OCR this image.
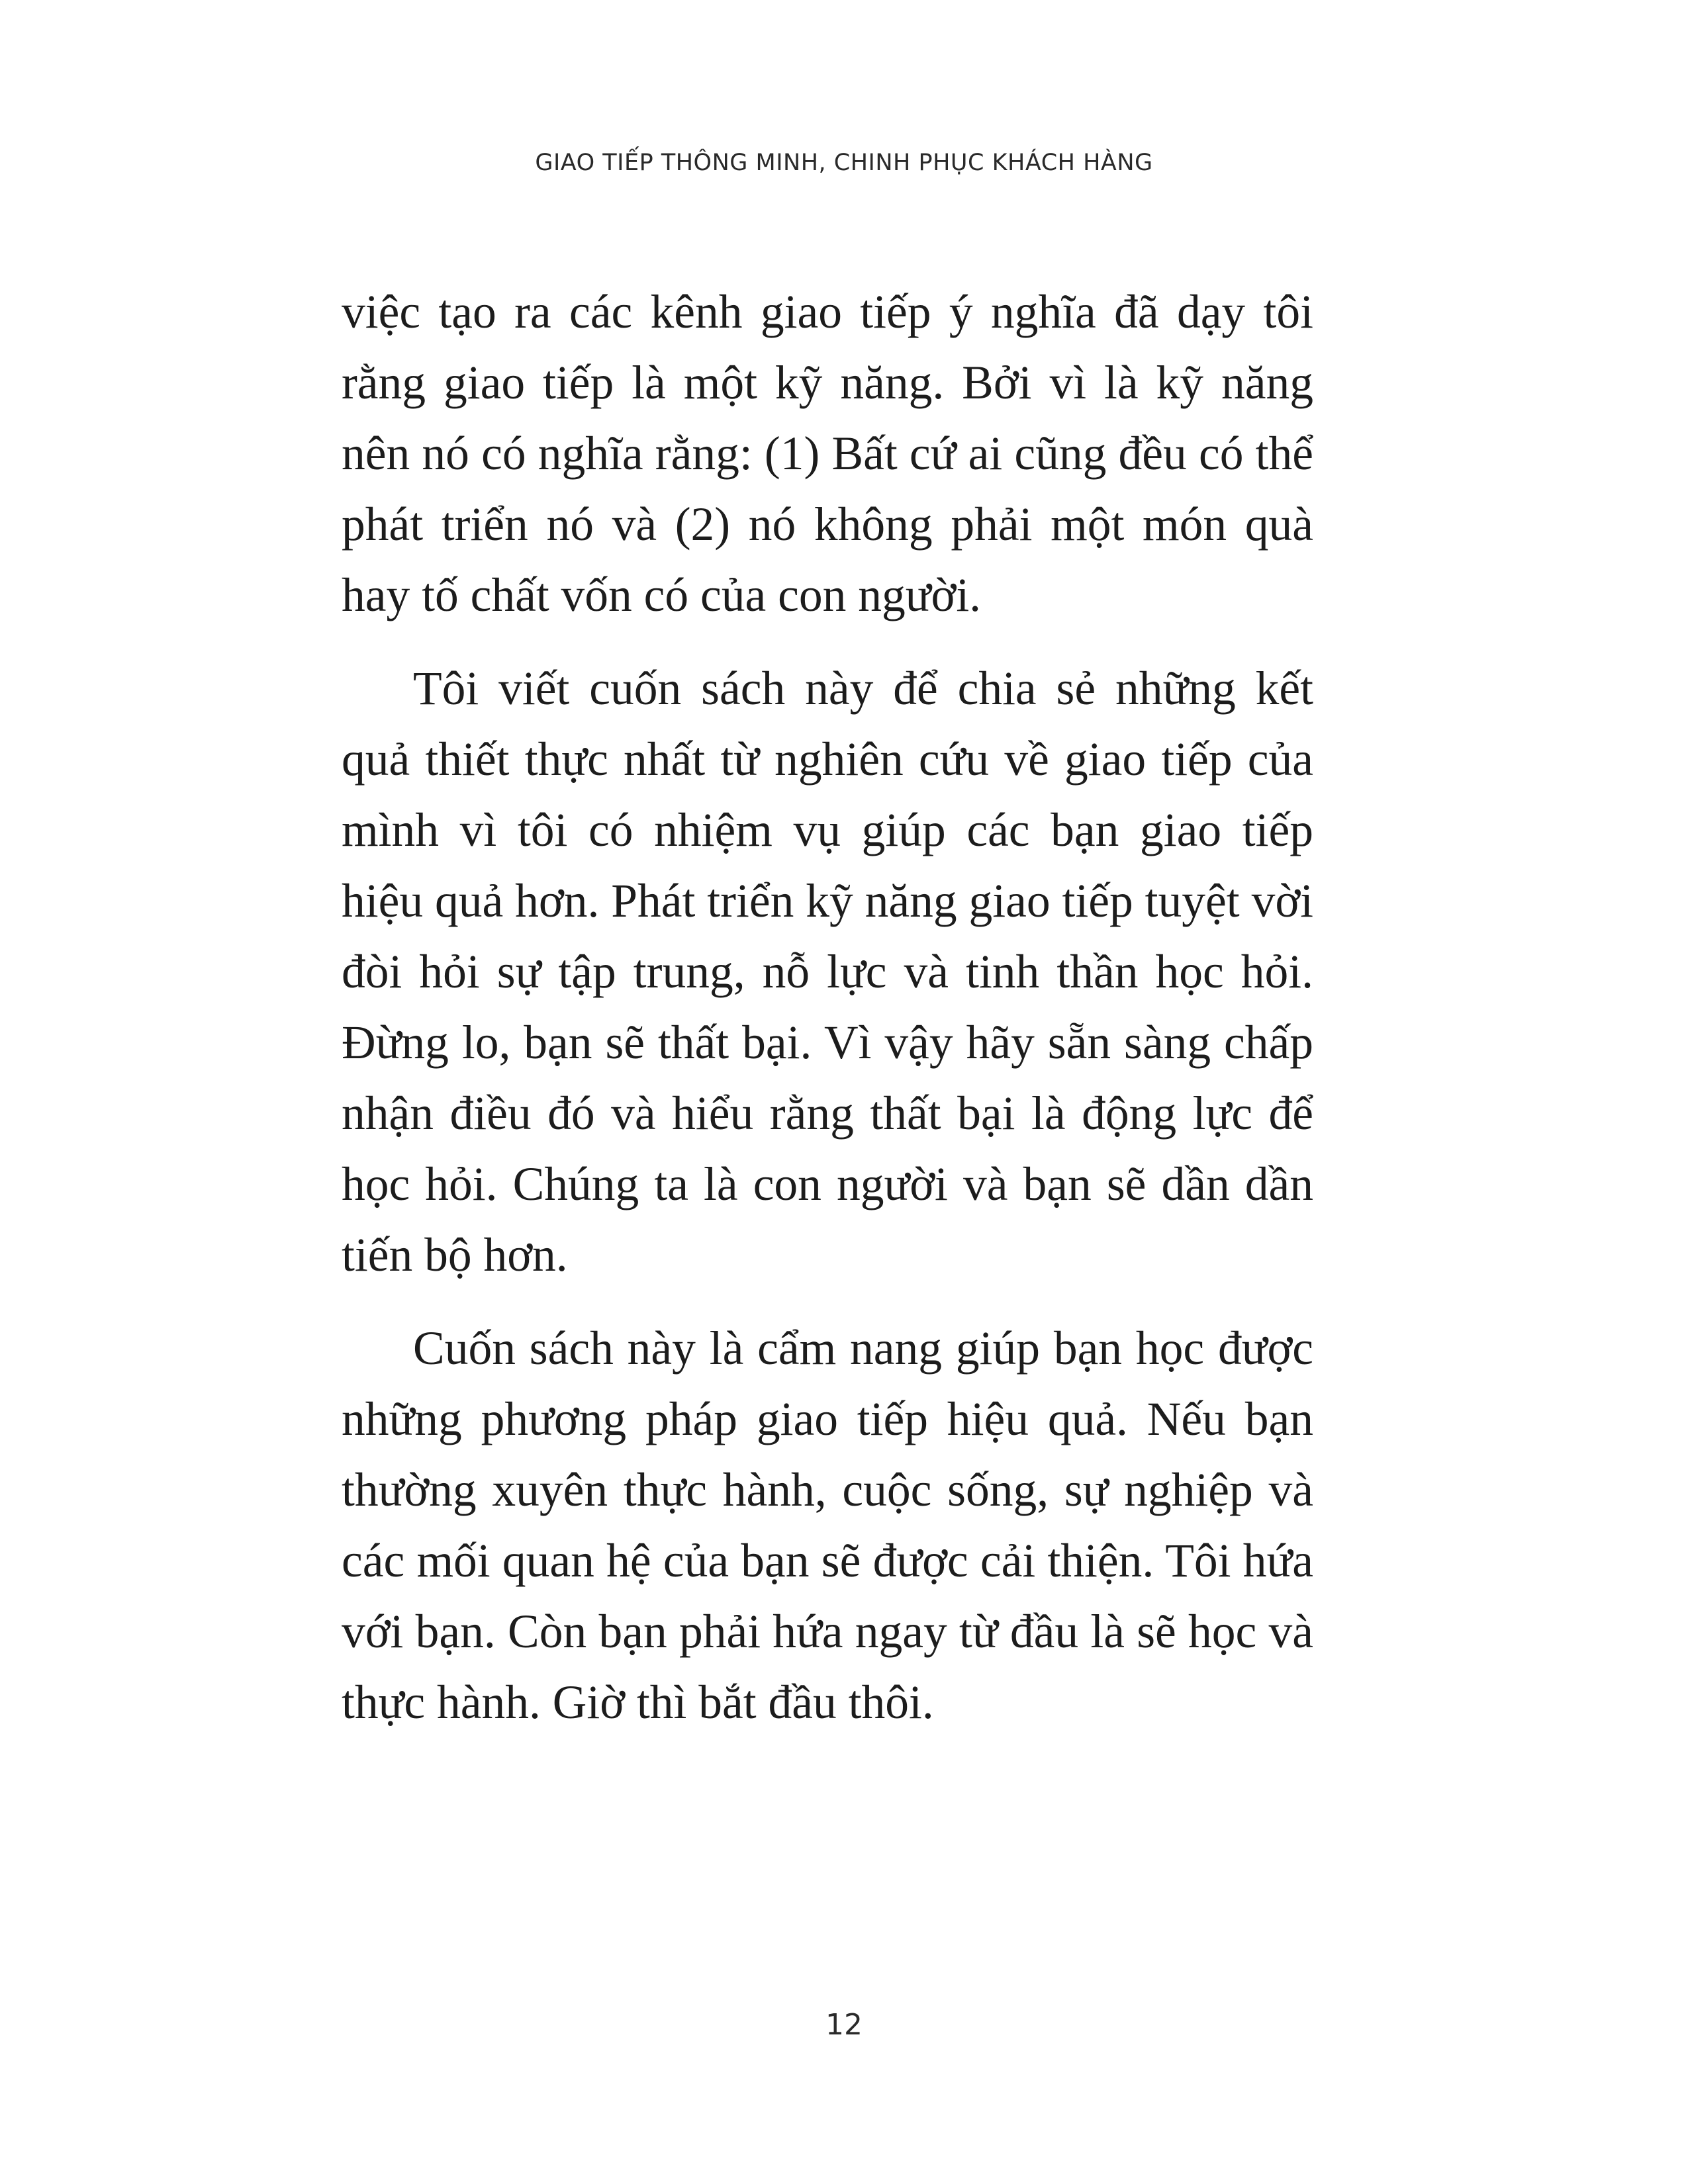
GIAO TIẾP THÔNG MINH, CHINH PHỤC KHÁCH HÀNG

việc tạo ra các kênh giao tiếp ý nghĩa đã dạy tôi rằng giao tiếp là một kỹ năng. Bởi vì là kỹ năng nên nó có nghĩa rằng: (1) Bất cứ ai cũng đều có thể phát triển nó và (2) nó không phải một món quà hay tố chất vốn có của con người.

Tôi viết cuốn sách này để chia sẻ những kết quả thiết thực nhất từ nghiên cứu về giao tiếp của mình vì tôi có nhiệm vụ giúp các bạn giao tiếp hiệu quả hơn. Phát triển kỹ năng giao tiếp tuyệt vời đòi hỏi sự tập trung, nỗ lực và tinh thần học hỏi. Đừng lo, bạn sẽ thất bại. Vì vậy hãy sẵn sàng chấp nhận điều đó và hiểu rằng thất bại là động lực để học hỏi. Chúng ta là con người và bạn sẽ dần dần tiến bộ hơn.

Cuốn sách này là cẩm nang giúp bạn học được những phương pháp giao tiếp hiệu quả. Nếu bạn thường xuyên thực hành, cuộc sống, sự nghiệp và các mối quan hệ của bạn sẽ được cải thiện. Tôi hứa với bạn. Còn bạn phải hứa ngay từ đầu là sẽ học và thực hành. Giờ thì bắt đầu thôi.

12
